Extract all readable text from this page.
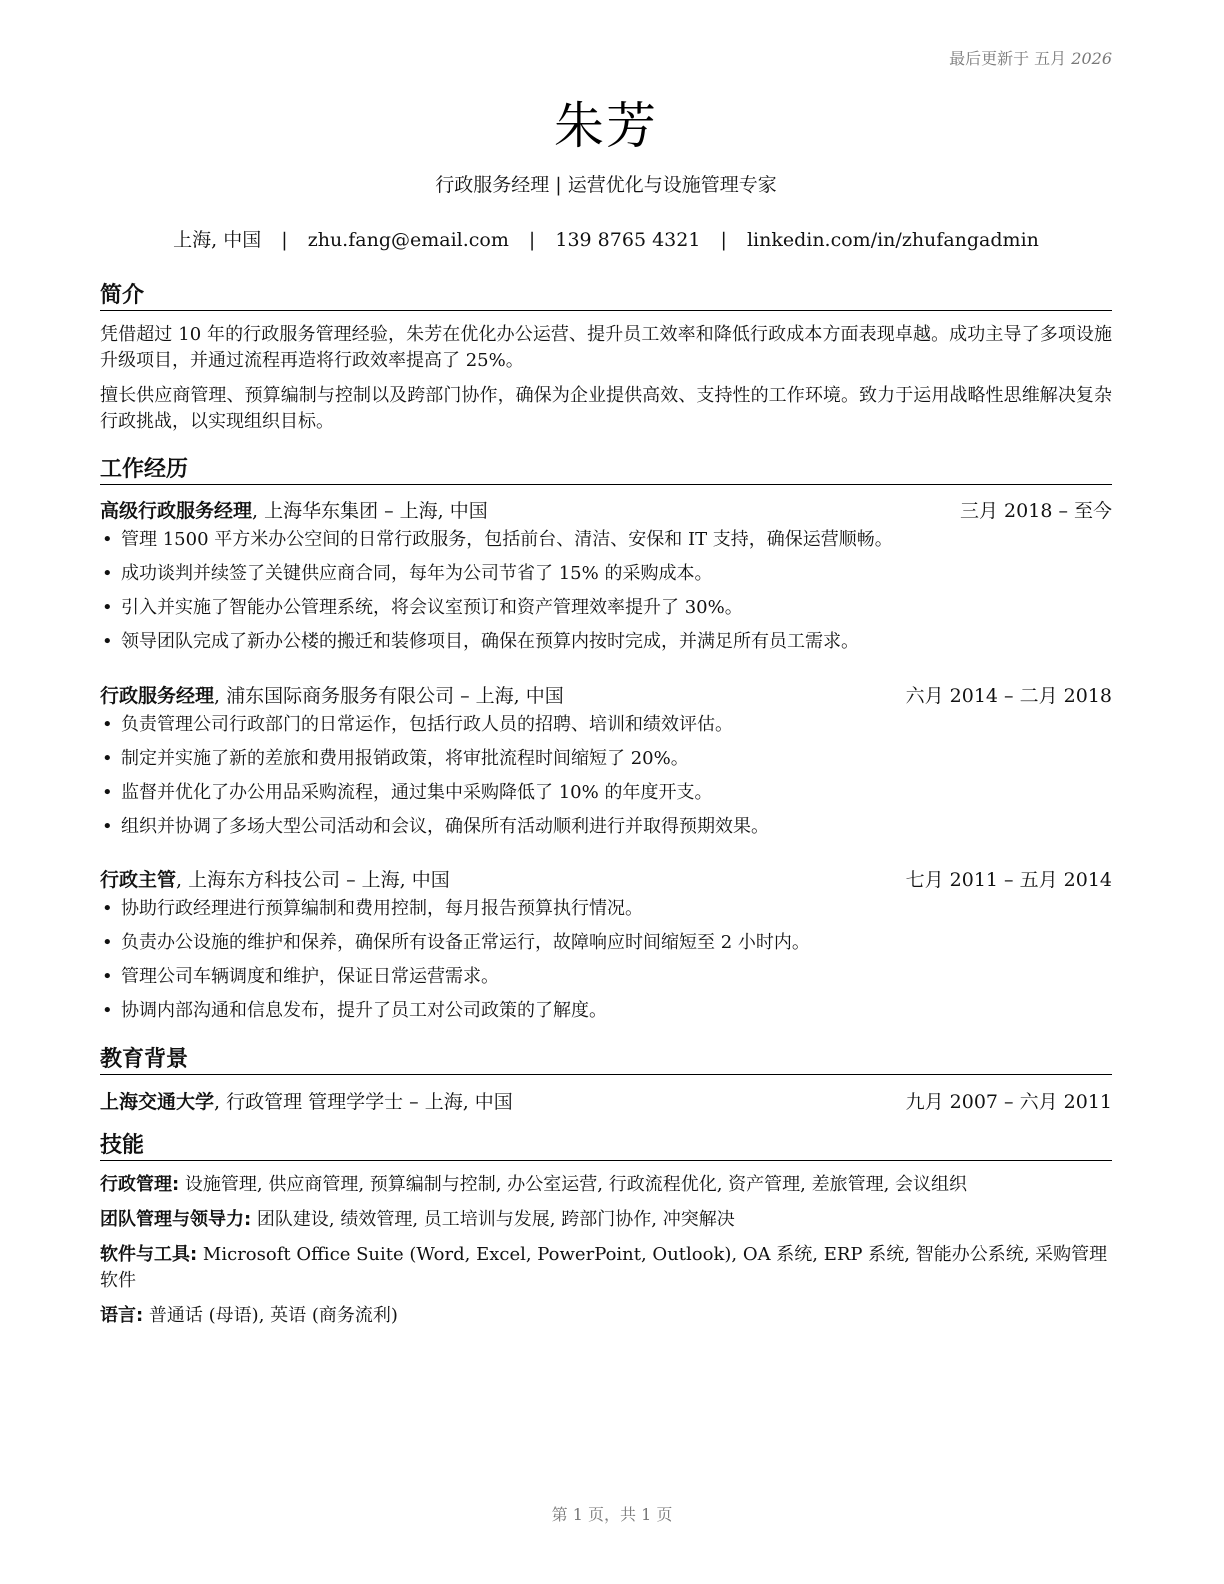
最后更新于 五月 2026
朱芳
行政服务经理 | 运营优化与设施管理专家
上海, 中国 | zhu.fang@email.com | 139 8765 4321 | linkedin.com/in/zhufangadmin
简介
凭借超过 10 年的行政服务管理经验，朱芳在优化办公运营、提升员工效率和降低行政成本方面表现卓越。成功主导了多项设施升级项目，并通过流程再造将行政效率提高了 25%。
擅长供应商管理、预算编制与控制以及跨部门协作，确保为企业提供高效、支持性的工作环境。致力于运用战略性思维解决复杂行政挑战，以实现组织目标。
工作经历
高级行政服务经理, 上海华东集团 – 上海, 中国	三月 2018 – 至今
• 管理 1500 平方米办公空间的日常行政服务，包括前台、清洁、安保和 IT 支持，确保运营顺畅。
• 成功谈判并续签了关键供应商合同，每年为公司节省了 15% 的采购成本。
• 引入并实施了智能办公管理系统，将会议室预订和资产管理效率提升了 30%。
• 领导团队完成了新办公楼的搬迁和装修项目，确保在预算内按时完成，并满足所有员工需求。
行政服务经理, 浦东国际商务服务有限公司 – 上海, 中国	六月 2014 – 二月 2018
• 负责管理公司行政部门的日常运作，包括行政人员的招聘、培训和绩效评估。
• 制定并实施了新的差旅和费用报销政策，将审批流程时间缩短了 20%。
• 监督并优化了办公用品采购流程，通过集中采购降低了 10% 的年度开支。
• 组织并协调了多场大型公司活动和会议，确保所有活动顺利进行并取得预期效果。
行政主管, 上海东方科技公司 – 上海, 中国	七月 2011 – 五月 2014
• 协助行政经理进行预算编制和费用控制，每月报告预算执行情况。
• 负责办公设施的维护和保养，确保所有设备正常运行，故障响应时间缩短至 2 小时内。
• 管理公司车辆调度和维护，保证日常运营需求。
• 协调内部沟通和信息发布，提升了员工对公司政策的了解度。
教育背景
上海交通大学, 行政管理 管理学学士 – 上海, 中国	九月 2007 – 六月 2011
技能
行政管理: 设施管理, 供应商管理, 预算编制与控制, 办公室运营, 行政流程优化, 资产管理, 差旅管理, 会议组织
团队管理与领导力: 团队建设, 绩效管理, 员工培训与发展, 跨部门协作, 冲突解决
软件与工具: Microsoft Office Suite (Word, Excel, PowerPoint, Outlook), OA 系统, ERP 系统, 智能办公系统, 采购管理软件
语言: 普通话 (母语), 英语 (商务流利)
第 1 页，共 1 页
